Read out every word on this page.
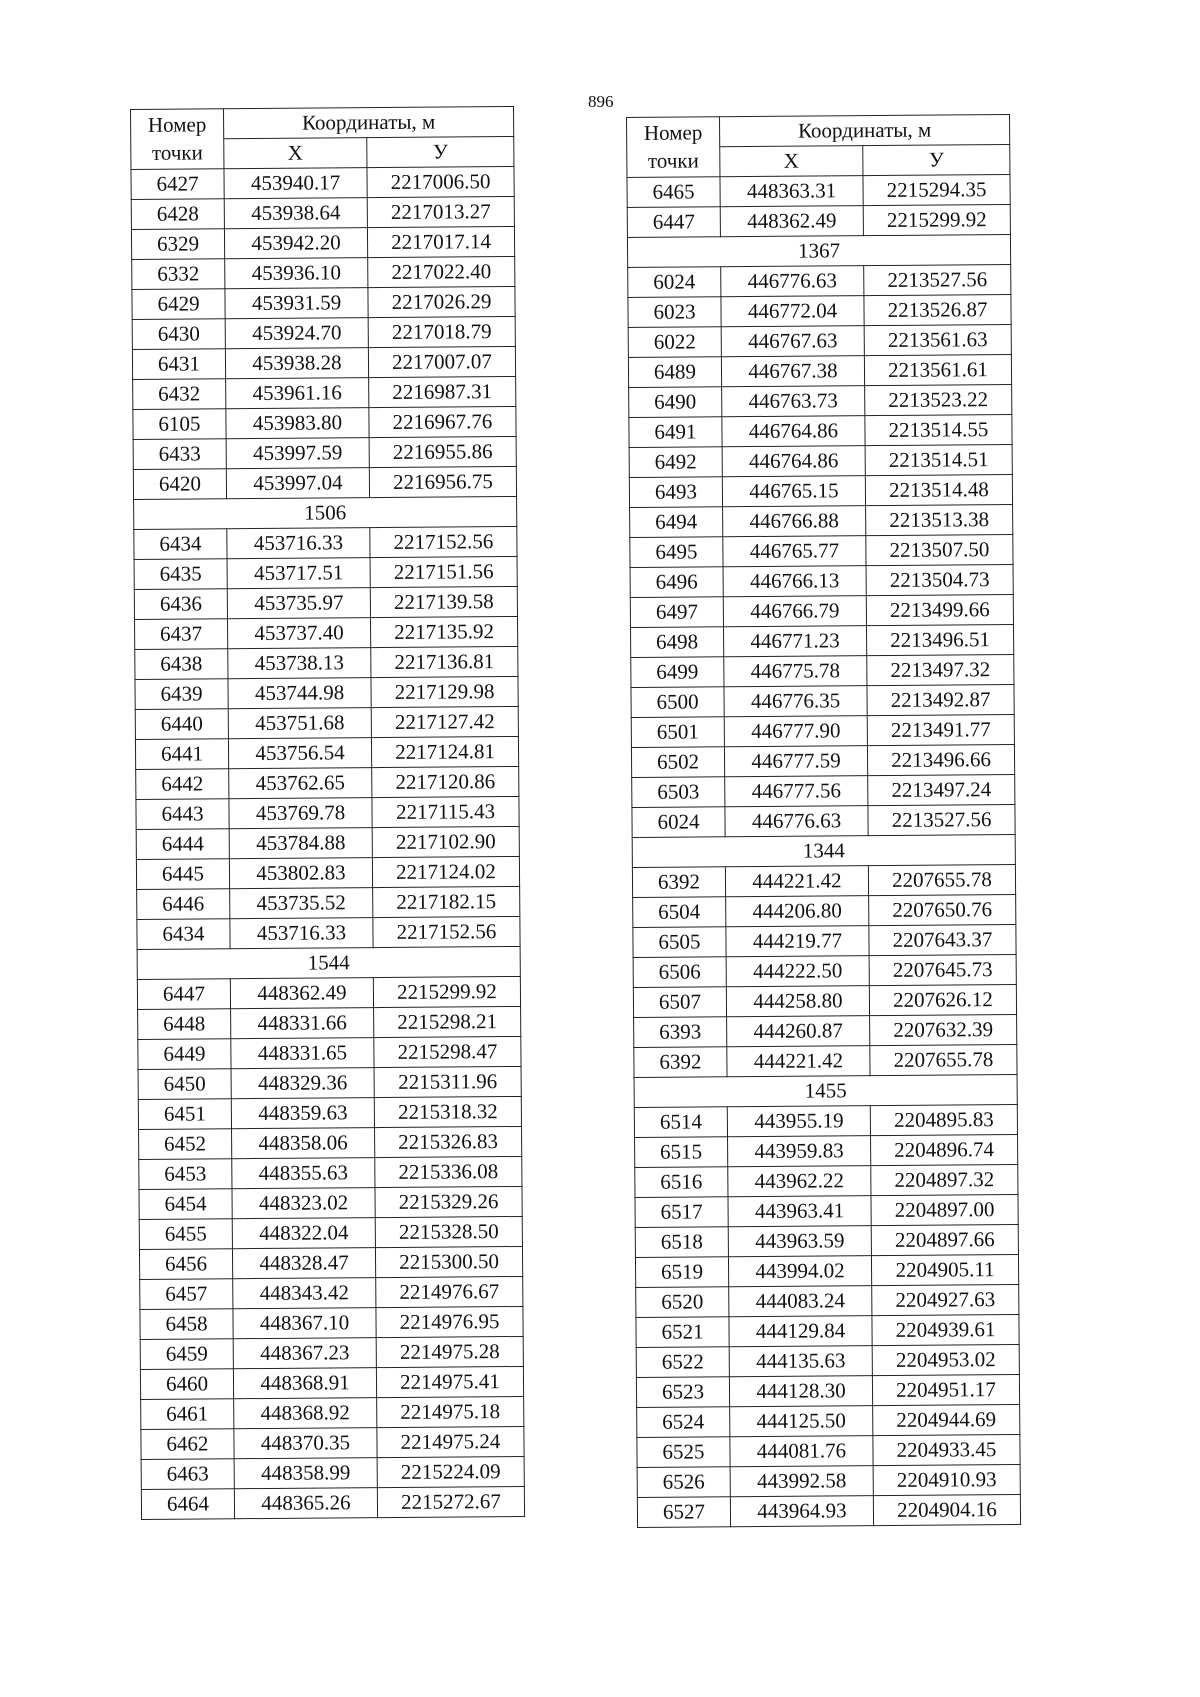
896
Номер
точки	Координаты, м	
	X	У
6427	453940.17	2217006.50
6428	453938.64	2217013.27
6329	453942.20	2217017.14
6332	453936.10	2217022.40
6429	453931.59	2217026.29
6430	453924.70	2217018.79
6431	453938.28	2217007.07
6432	453961.16	2216987.31
6105	453983.80	2216967.76
6433	453997.59	2216955.86
6420	453997.04	2216956.75
1506		
6434	453716.33	2217152.56
6435	453717.51	2217151.56
6436	453735.97	2217139.58
6437	453737.40	2217135.92
6438	453738.13	2217136.81
6439	453744.98	2217129.98
6440	453751.68	2217127.42
6441	453756.54	2217124.81
6442	453762.65	2217120.86
6443	453769.78	2217115.43
6444	453784.88	2217102.90
6445	453802.83	2217124.02
6446	453735.52	2217182.15
6434	453716.33	2217152.56
1544		
6447	448362.49	2215299.92
6448	448331.66	2215298.21
6449	448331.65	2215298.47
6450	448329.36	2215311.96
6451	448359.63	2215318.32
6452	448358.06	2215326.83
6453	448355.63	2215336.08
6454	448323.02	2215329.26
6455	448322.04	2215328.50
6456	448328.47	2215300.50
6457	448343.42	2214976.67
6458	448367.10	2214976.95
6459	448367.23	2214975.28
6460	448368.91	2214975.41
6461	448368.92	2214975.18
6462	448370.35	2214975.24
6463	448358.99	2215224.09
6464	448365.26	2215272.67
Номер
точки	Координаты, м	
	X	У
6465	448363.31	2215294.35
6447	448362.49	2215299.92
1367		
6024	446776.63	2213527.56
6023	446772.04	2213526.87
6022	446767.63	2213561.63
6489	446767.38	2213561.61
6490	446763.73	2213523.22
6491	446764.86	2213514.55
6492	446764.86	2213514.51
6493	446765.15	2213514.48
6494	446766.88	2213513.38
6495	446765.77	2213507.50
6496	446766.13	2213504.73
6497	446766.79	2213499.66
6498	446771.23	2213496.51
6499	446775.78	2213497.32
6500	446776.35	2213492.87
6501	446777.90	2213491.77
6502	446777.59	2213496.66
6503	446777.56	2213497.24
6024	446776.63	2213527.56
1344		
6392	444221.42	2207655.78
6504	444206.80	2207650.76
6505	444219.77	2207643.37
6506	444222.50	2207645.73
6507	444258.80	2207626.12
6393	444260.87	2207632.39
6392	444221.42	2207655.78
1455		
6514	443955.19	2204895.83
6515	443959.83	2204896.74
6516	443962.22	2204897.32
6517	443963.41	2204897.00
6518	443963.59	2204897.66
6519	443994.02	2204905.11
6520	444083.24	2204927.63
6521	444129.84	2204939.61
6522	444135.63	2204953.02
6523	444128.30	2204951.17
6524	444125.50	2204944.69
6525	444081.76	2204933.45
6526	443992.58	2204910.93
6527	443964.93	2204904.16
